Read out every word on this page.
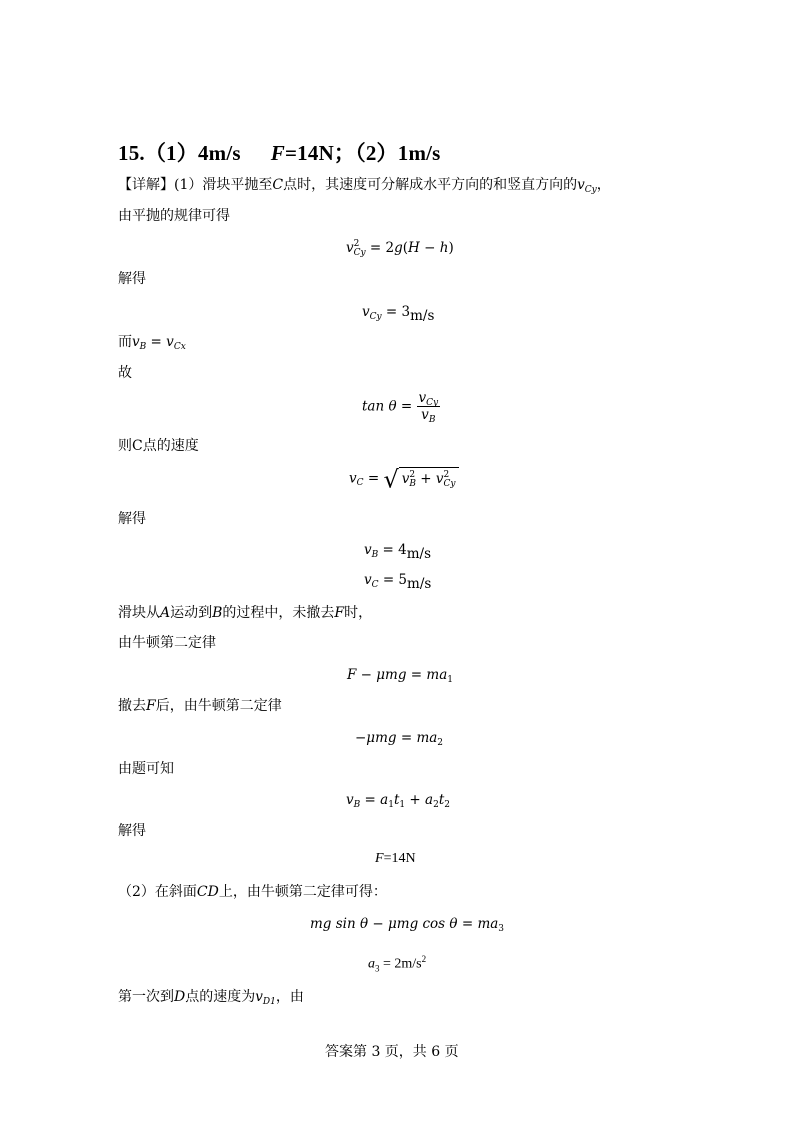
15.（1）4m/s F=14N；（2）1m/s
【详解】(1）滑块平抛至C点时，其速度可分解成水平方向的和竖直方向的$v_{Cy}$，
由平抛的规律可得
v 2
Cy = 2g(H − h)
解得
$v_{Cy} = 3m/s$
而$v_B = v_{Cx}$
故
$\tan \theta = \frac{v_{Cy}}{v_B}$
则C点的速度
$v_C$ = √ v 2
B + v 2
Cy
解得
$v_B = 4m/s$
$v_C = 5m/s$
滑块从A运动到B的过程中，未撤去F时，
由牛顿第二定律
$F - \mu mg = ma_1$
撤去F后，由牛顿第二定律
$-\mu mg = ma_2$
由题可知
$v_B = a_1t_1 + a_2t_2$
解得
F=14N
（2）在斜面CD上，由牛顿第二定律可得：
mg sin θ − μmg $\cos \theta = ma_3$
$a_3 = 2m/s^2$
第一次到D点的速度为$v_{D1}$，由
答案第 3 页，共 6 页
